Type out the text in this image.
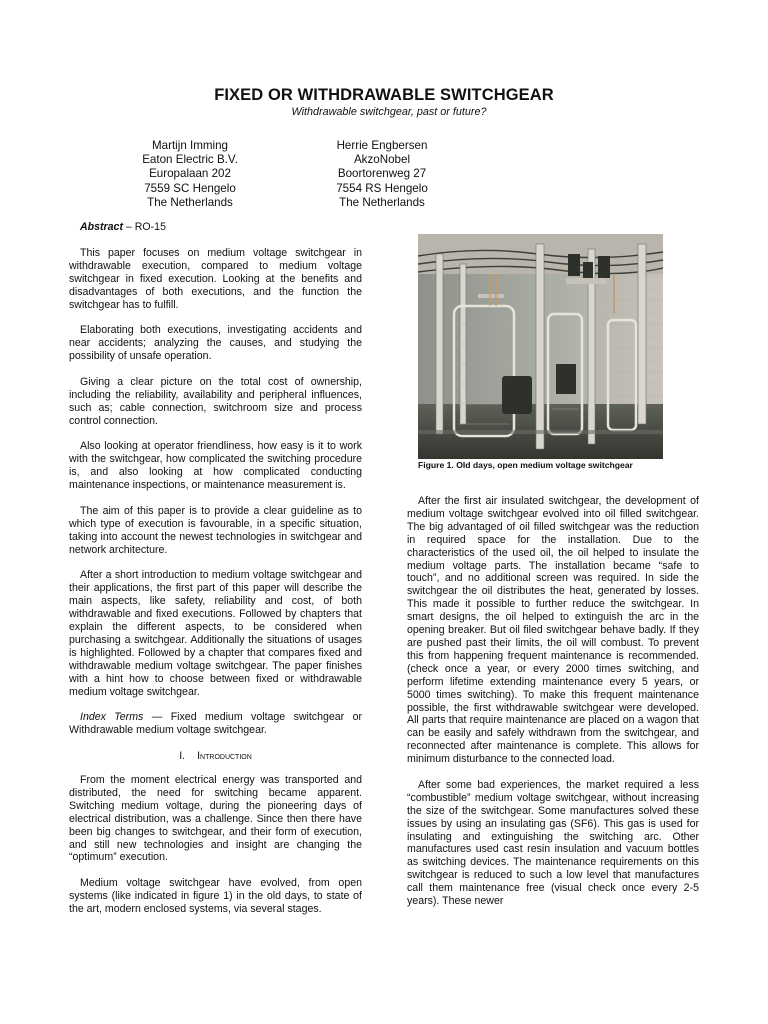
FIXED OR WITHDRAWABLE SWITCHGEAR
Withdrawable switchgear, past or future?
Martijn Imming
Eaton Electric B.V.
Europalaan 202
7559 SC Hengelo
The Netherlands
Herrie Engbersen
AkzoNobel
Boortorenweg 27
7554 RS Hengelo
The Netherlands

Abstract – RO-15

This paper focuses on medium voltage switchgear in withdrawable execution, compared to medium voltage switchgear in fixed execution. Looking at the benefits and disadvantages of both executions, and the function the switchgear has to fulfill.

Elaborating both executions, investigating accidents and near accidents; analyzing the causes, and studying the possibility of unsafe operation.

Giving a clear picture on the total cost of ownership, including the reliability, availability and peripheral influences, such as; cable connection, switchroom size and process control connection.

Also looking at operator friendliness, how easy is it to work with the switchgear, how complicated the switching procedure is, and also looking at how complicated conducting maintenance inspections, or maintenance measurement is.

The aim of this paper is to provide a clear guideline as to which type of execution is favourable, in a specific situation, taking into account the newest technologies in switchgear and network architecture.

After a short introduction to medium voltage switchgear and their applications, the first part of this paper will describe the main aspects, like safety, reliability and cost, of both withdrawable and fixed executions. Followed by chapters that explain the different aspects, to be considered when purchasing a switchgear. Additionally the situations of usages is highlighted. Followed by a chapter that compares fixed and withdrawable medium voltage switchgear. The paper finishes with a hint how to choose between fixed or withdrawable medium voltage switchgear.

Index Terms — Fixed medium voltage switchgear or Withdrawable medium voltage switchgear.

I. Introduction

From the moment electrical energy was transported and distributed, the need for switching became apparent. Switching medium voltage, during the pioneering days of electrical distribution, was a challenge. Since then there have been big changes to switchgear, and their form of execution, and still new technologies and insight are changing the “optimum” execution.

Medium voltage switchgear have evolved, from open systems (like indicated in figure 1) in the old days, to state of the art, modern enclosed systems, via several stages.

Figure 1. Old days, open medium voltage switchgear

After the first air insulated switchgear, the development of medium voltage switchgear evolved into oil filled switchgear. The big advantaged of oil filled switchgear was the reduction in required space for the installation. Due to the characteristics of the used oil, the oil helped to insulate the medium voltage parts. The installation became “safe to touch”, and no additional screen was required. In side the switchgear the oil distributes the heat, generated by losses. This made it possible to further reduce the switchgear. In smart designs, the oil helped to extinguish the arc in the opening breaker. But oil filed switchgear behave badly. If they are pushed past their limits, the oil will combust. To prevent this from happening frequent maintenance is recommended. (check once a year, or every 2000 times switching, and perform lifetime extending maintenance every 5 years, or 5000 times switching). To make this frequent maintenance possible, the first withdrawable switchgear were developed. All parts that require maintenance are placed on a wagon that can be easily and safely withdrawn from the switchgear, and reconnected after maintenance is complete. This allows for minimum disturbance to the connected load.

After some bad experiences, the market required a less “combustible” medium voltage switchgear, without increasing the size of the switchgear. Some manufactures solved these issues by using an insulating gas (SF6). This gas is used for insulating and extinguishing the switching arc. Other manufactures used cast resin insulation and vacuum bottles as switching devices. The maintenance requirements on this switchgear is reduced to such a low level that manufactures call them maintenance free (visual check once every 2-5 years). These newer
